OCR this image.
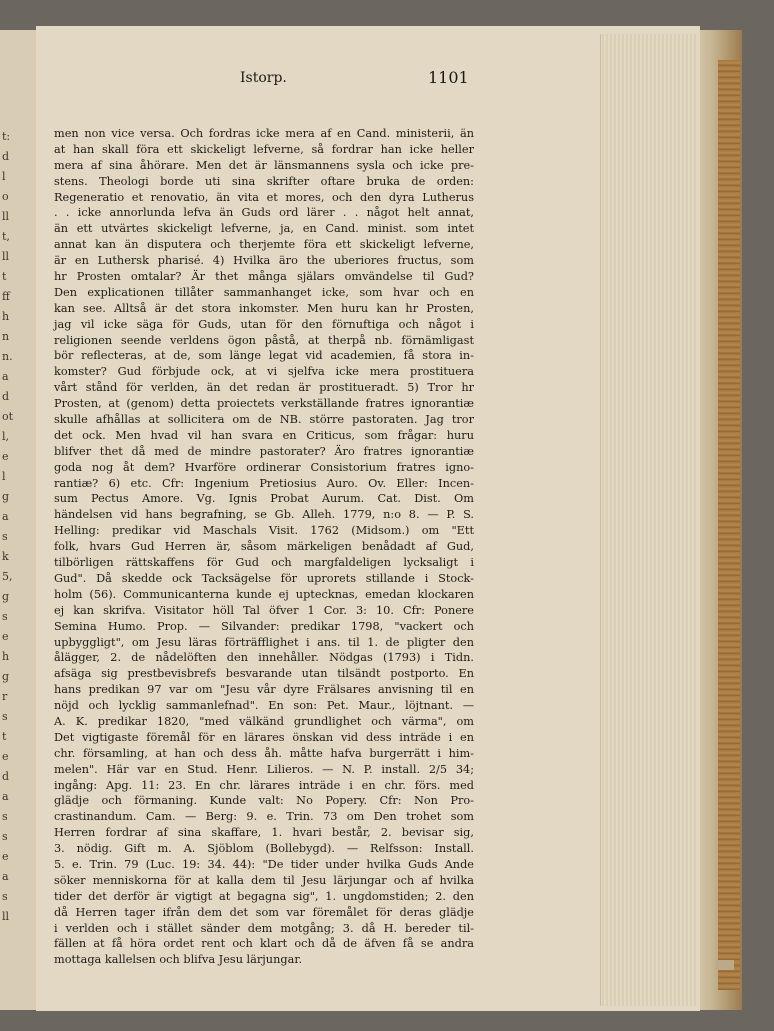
t:
d
l
o
ll
t,
ll
t
ff
h
n
n.
a
d
ot
l,
e
l
g
a
s
k
5,
g
s
e
h
g
r
s
t
e
d
a
s
s
e
a
s
ll
Istorp.	1101
men non vice versa. Och fordras icke mera af en Cand. ministerii, än
at han skall föra ett skickeligt lefverne, så fordrar han icke heller
mera af sina åhörare. Men det är länsmannens sysla och icke pre-
stens. Theologi borde uti sina skrifter oftare bruka de orden:
Regeneratio et renovatio, än vita et mores, och den dyra Lutherus
. . icke annorlunda lefva än Guds ord lärer . . något helt annat,
än ett utvärtes skickeligt lefverne, ja, en Cand. minist. som intet
annat kan än disputera och therjemte föra ett skickeligt lefverne,
är en Luthersk pharisé. 4) Hvilka äro the uberiores fructus, som
hr Prosten omtalar? Är thet många själars omvändelse til Gud?
Den explicationen tillåter sammanhanget icke, som hvar och en
kan see. Alltså är det stora inkomster. Men huru kan hr Prosten,
jag vil icke säga för Guds, utan för den förnuftiga och något i
religionen seende verldens ögon påstå, at therpå nb. förnämligast
bör reflecteras, at de, som länge legat vid academien, få stora in-
komster? Gud förbjude ock, at vi sjelfva icke mera prostituera
vårt stånd för verlden, än det redan är prostitueradt. 5) Tror hr
Prosten, at (genom) detta proiectets verkställande fratres ignorantiæ
skulle afhållas at sollicitera om de NB. större pastoraten. Jag tror
det ock. Men hvad vil han svara en Criticus, som frågar: huru
blifver thet då med de mindre pastorater? Äro fratres ignorantiæ
goda nog åt dem? Hvarföre ordinerar Consistorium fratres igno-
rantiæ? 6) etc. Cfr: Ingenium Pretiosius Auro. Ov. Eller: Incen-
sum Pectus Amore. Vg. Ignis Probat Aurum. Cat. Dist. Om
händelsen vid hans begrafning, se Gb. Alleh. 1779, n:o 8. — P. S.
Helling: predikar vid Maschals Visit. 1762 (Midsom.) om "Ett
folk, hvars Gud Herren är, såsom märkeligen benådadt af Gud,
tilbörligen rättskaffens för Gud och margfaldeligen lycksaligt i
Gud". Då skedde ock Tacksägelse för uprorets stillande i Stock-
holm (56). Communicanterna kunde ej uptecknas, emedan klockaren
ej kan skrifva. Visitator höll Tal öfver 1 Cor. 3: 10. Cfr: Ponere
Semina Humo. Prop. — Silvander: predikar 1798, "vackert och
upbyggligt", om Jesu läras förträfflighet i ans. til 1. de pligter den
ålägger, 2. de nådelöften den innehåller. Nödgas (1793) i Tidn.
afsäga sig prestbevisbrefs besvarande utan tilsändt postporto. En
hans predikan 97 var om "Jesu vår dyre Frälsares anvisning til en
nöjd och lycklig sammanlefnad". En son: Pet. Maur., löjtnant. —
A. K. predikar 1820, "med välkänd grundlighet och värma", om
Det vigtigaste föremål för en lärares önskan vid dess inträde i en
chr. församling, at han och dess åh. måtte hafva burgerrätt i him-
melen". Här var en Stud. Henr. Lilieros. — N. P. install. 2/5 34;
ingång: Apg. 11: 23. En chr. lärares inträde i en chr. förs. med
glädje och förmaning. Kunde valt: No Popery. Cfr: Non Pro-
crastinandum. Cam. — Berg: 9. e. Trin. 73 om Den trohet som
Herren fordrar af sina skaffare, 1. hvari består, 2. bevisar sig,
3. nödig. Gift m. A. Sjöblom (Bollebygd). — Relfsson: Install.
5. e. Trin. 79 (Luc. 19: 34. 44): "De tider under hvilka Guds Ande
söker menniskorna för at kalla dem til Jesu lärjungar och af hvilka
tider det derför är vigtigt at begagna sig", 1. ungdomstiden; 2. den
då Herren tager ifrån dem det som var föremålet för deras glädje
i verlden och i stället sänder dem motgång; 3. då H. bereder til-
fällen at få höra ordet rent och klart och då de äfven få se andra
mottaga kallelsen och blifva Jesu lärjungar.
